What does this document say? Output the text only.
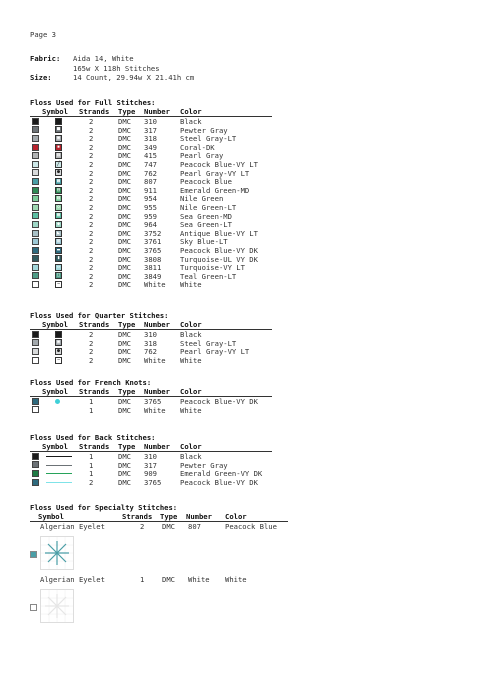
Page 3
Fabric:	Aida 14, White
165w X 118h Stitches
Size:	14 Count, 29.94w X 21.41h cm
Floss Used for Full Stitches:
Symbol Strands Type Number Color
2	DMC 310	Black
■	2	DMC 317	Pewter Gray
▣	2	DMC 318	Steel Gray-LT
▪	2	DMC 349	Coral-DK
▨	2	DMC 415	Pearl Gray
╱	2	DMC 747	Peacock Blue-VY LT
●	2	DMC 762	Pearl Gray-VY LT
▩	2	DMC 807	Peacock Blue
▤	2	DMC 911	Emerald Green-MD
▧	2	DMC 954	Nile Green
◇	2	DMC 955	Nile Green-LT
▦	2	DMC 959	Sea Green-MD
◆	2	DMC 964	Sea Green-LT
◣	2	DMC 3752	Antique Blue-VY LT
▥	2	DMC 3761	Sky Blue-LT
▬	2	DMC 3765	Peacock Blue-VY DK
▮	2	DMC 3808	Turquoise-UL VY DK
▭	2	DMC 3811	Turquoise-VY LT
□	2	DMC 3849	Teal Green-LT
−	2	DMC White White
Floss Used for Quarter Stitches:
Symbol Strands Type Number Color
2	DMC 310	Black
▣	2	DMC 318	Steel Gray-LT
●	2	DMC 762	Pearl Gray-VY LT
−	2	DMC White White
Floss Used for French Knots:
Symbol Strands Type Number Color
1	DMC 3765	Peacock Blue-VY DK
1	DMC White White
Floss Used for Back Stitches:
Symbol Strands Type Number Color
1	DMC 310	Black
1	DMC 317	Pewter Gray
1	DMC 909	Emerald Green-VY DK
2	DMC 3765	Peacock Blue-VY DK
Floss Used for Specialty Stitches:
Symbol	Strands Type Number Color
Algerian Eyelet	2 DMC 807	Peacock Blue
Algerian Eyelet	1 DMC White White
